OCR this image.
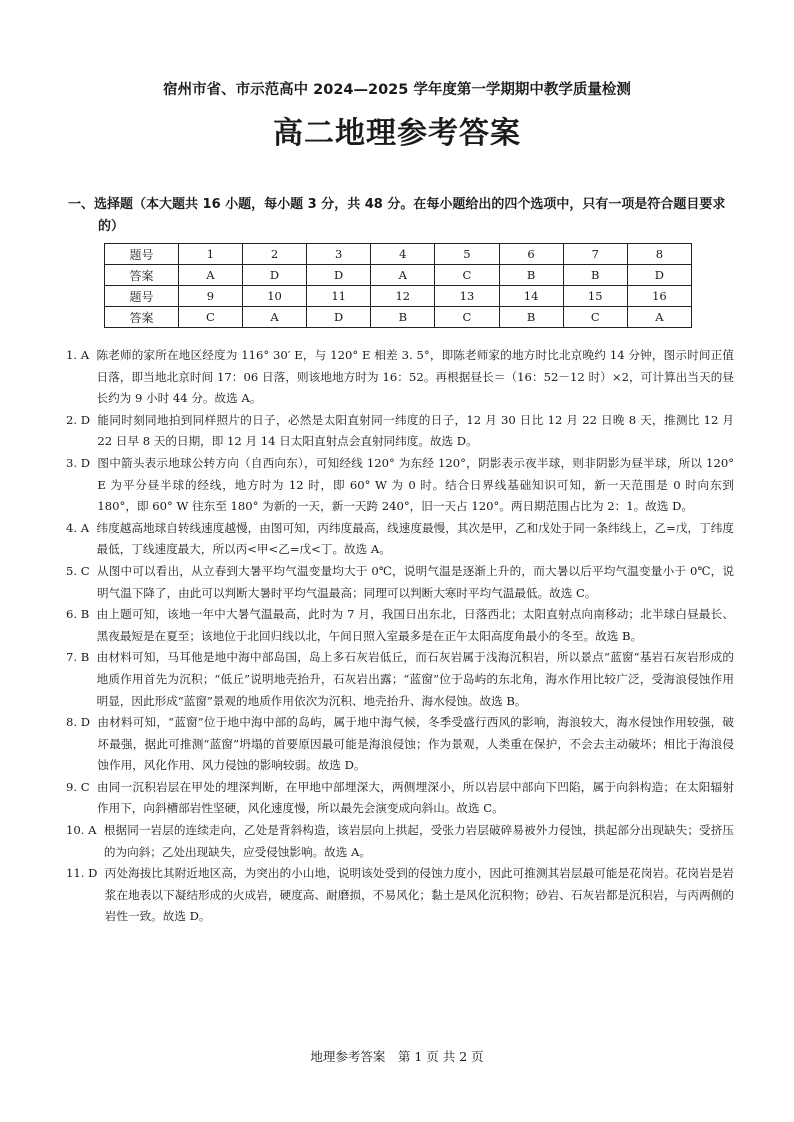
宿州市省、市示范高中 2024—2025 学年度第一学期期中教学质量检测
高二地理参考答案
一、选择题（本大题共 16 小题，每小题 3 分，共 48 分。在每小题给出的四个选项中，只有一项是符合题目要求的）
题号	1	2	3	4	5	6	7	8
答案	A	D	D	A	C	B	B	D
题号	9	10	11	12	13	14	15	16
答案	C	A	D	B	C	B	C	A
1. A 陈老师的家所在地区经度为 116° 30′ E，与 120° E 相差 3. 5°，即陈老师家的地方时比北京晚约 14 分钟，图示时间正值日落，即当地北京时间 17：06 日落，则该地地方时为 16：52。再根据昼长＝（16：52－12 时）×2，可计算出当天的昼长约为 9 小时 44 分。故选 A。
2. D 能同时刻同地拍到同样照片的日子，必然是太阳直射同一纬度的日子，12 月 30 日比 12 月 22 日晚 8 天，推测比 12 月 22 日早 8 天的日期，即 12 月 14 日太阳直射点会直射同纬度。故选 D。
3. D 图中箭头表示地球公转方向（自西向东），可知经线 120° 为东经 120°，阴影表示夜半球，则非阴影为昼半球，所以 120° E 为平分昼半球的经线，地方时为 12 时，即 60° W 为 0 时。结合日界线基础知识可知，新一天范围是 0 时向东到 180°，即 60° W 往东至 180° 为新的一天，新一天跨 240°，旧一天占 120°。两日期范围占比为 2：1。故选 D。
4. A 纬度越高地球自转线速度越慢，由图可知，丙纬度最高，线速度最慢，其次是甲，乙和戊处于同一条纬线上，乙=戊，丁纬度最低，丁线速度最大，所以丙<甲<乙=戊<丁。故选 A。
5. C 从图中可以看出，从立春到大暑平均气温变量均大于 0℃，说明气温是逐渐上升的，而大暑以后平均气温变量小于 0℃，说明气温下降了，由此可以判断大暑时平均气温最高；同理可以判断大寒时平均气温最低。故选 C。
6. B 由上题可知，该地一年中大暑气温最高，此时为 7 月，我国日出东北，日落西北；太阳直射点向南移动；北半球白昼最长、黑夜最短是在夏至；该地位于北回归线以北，午间日照入室最多是在正午太阳高度角最小的冬至。故选 B。
7. B 由材料可知，马耳他是地中海中部岛国，岛上多石灰岩低丘，而石灰岩属于浅海沉积岩，所以景点“蓝窗”基岩石灰岩形成的地质作用首先为沉积；“低丘”说明地壳抬升，石灰岩出露；“蓝窗”位于岛屿的东北角，海水作用比较广泛，受海浪侵蚀作用明显，因此形成“蓝窗”景观的地质作用依次为沉积、地壳抬升、海水侵蚀。故选 B。
8. D 由材料可知，“蓝窗”位于地中海中部的岛屿，属于地中海气候，冬季受盛行西风的影响，海浪较大，海水侵蚀作用较强，破坏最强，据此可推测“蓝窗”坍塌的首要原因最可能是海浪侵蚀；作为景观，人类重在保护，不会去主动破坏；相比于海浪侵蚀作用，风化作用、风力侵蚀的影响较弱。故选 D。
9. C 由同一沉积岩层在甲处的埋深判断，在甲地中部埋深大，两侧埋深小，所以岩层中部向下凹陷，属于向斜构造；在太阳辐射作用下，向斜槽部岩性坚硬，风化速度慢，所以最先会演变成向斜山。故选 C。
10. A 根据同一岩层的连续走向，乙处是背斜构造，该岩层向上拱起，受张力岩层破碎易被外力侵蚀，拱起部分出现缺失；受挤压的为向斜；乙处出现缺失，应受侵蚀影响。故选 A。
11. D 丙处海拔比其附近地区高，为突出的小山地，说明该处受到的侵蚀力度小，因此可推测其岩层最可能是花岗岩。花岗岩是岩浆在地表以下凝结形成的火成岩，硬度高、耐磨损，不易风化；黏土是风化沉积物；砂岩、石灰岩都是沉积岩，与丙两侧的岩性一致。故选 D。
地理参考答案　第 1 页 共 2 页
